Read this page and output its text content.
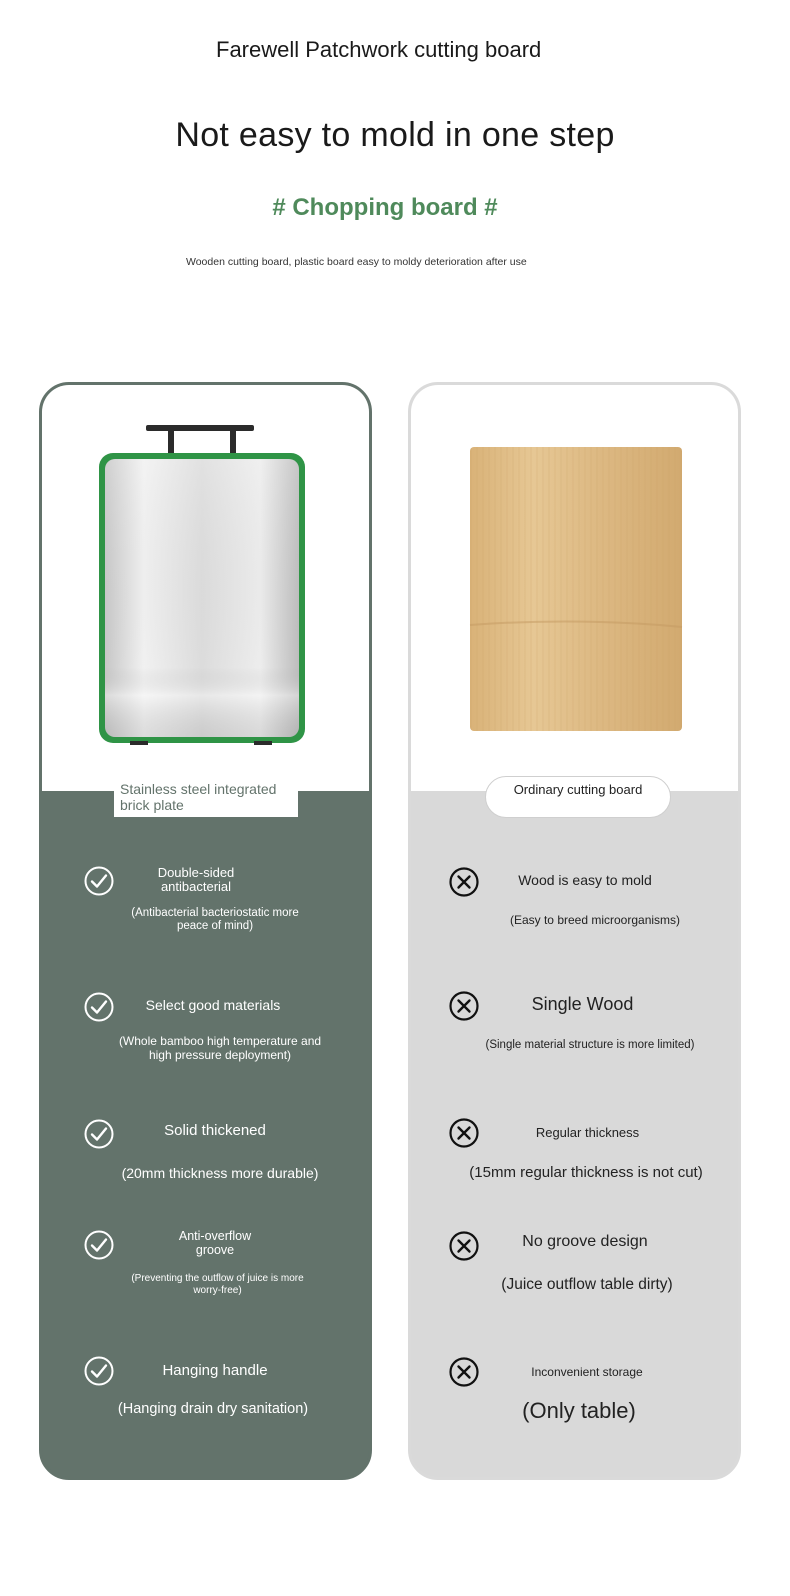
Farewell Patchwork cutting board
Not easy to mold in one step
# Chopping board #
Wooden cutting board, plastic board easy to moldy deterioration after use
Stainless steel integrated brick plate
Double-sided antibacterial
(Antibacterial bacteriostatic more peace of mind)
Select good materials
(Whole bamboo high temperature and high pressure deployment)
Solid thickened
(20mm thickness more durable)
Anti-overflow groove
(Preventing the outflow of juice is more worry-free)
Hanging handle
(Hanging drain dry sanitation)
Ordinary cutting board
Wood is easy to mold
(Easy to breed microorganisms)
Single Wood
(Single material structure is more limited)
Regular thickness
(15mm regular thickness is not cut)
No groove design
(Juice outflow table dirty)
Inconvenient storage
(Only table)
